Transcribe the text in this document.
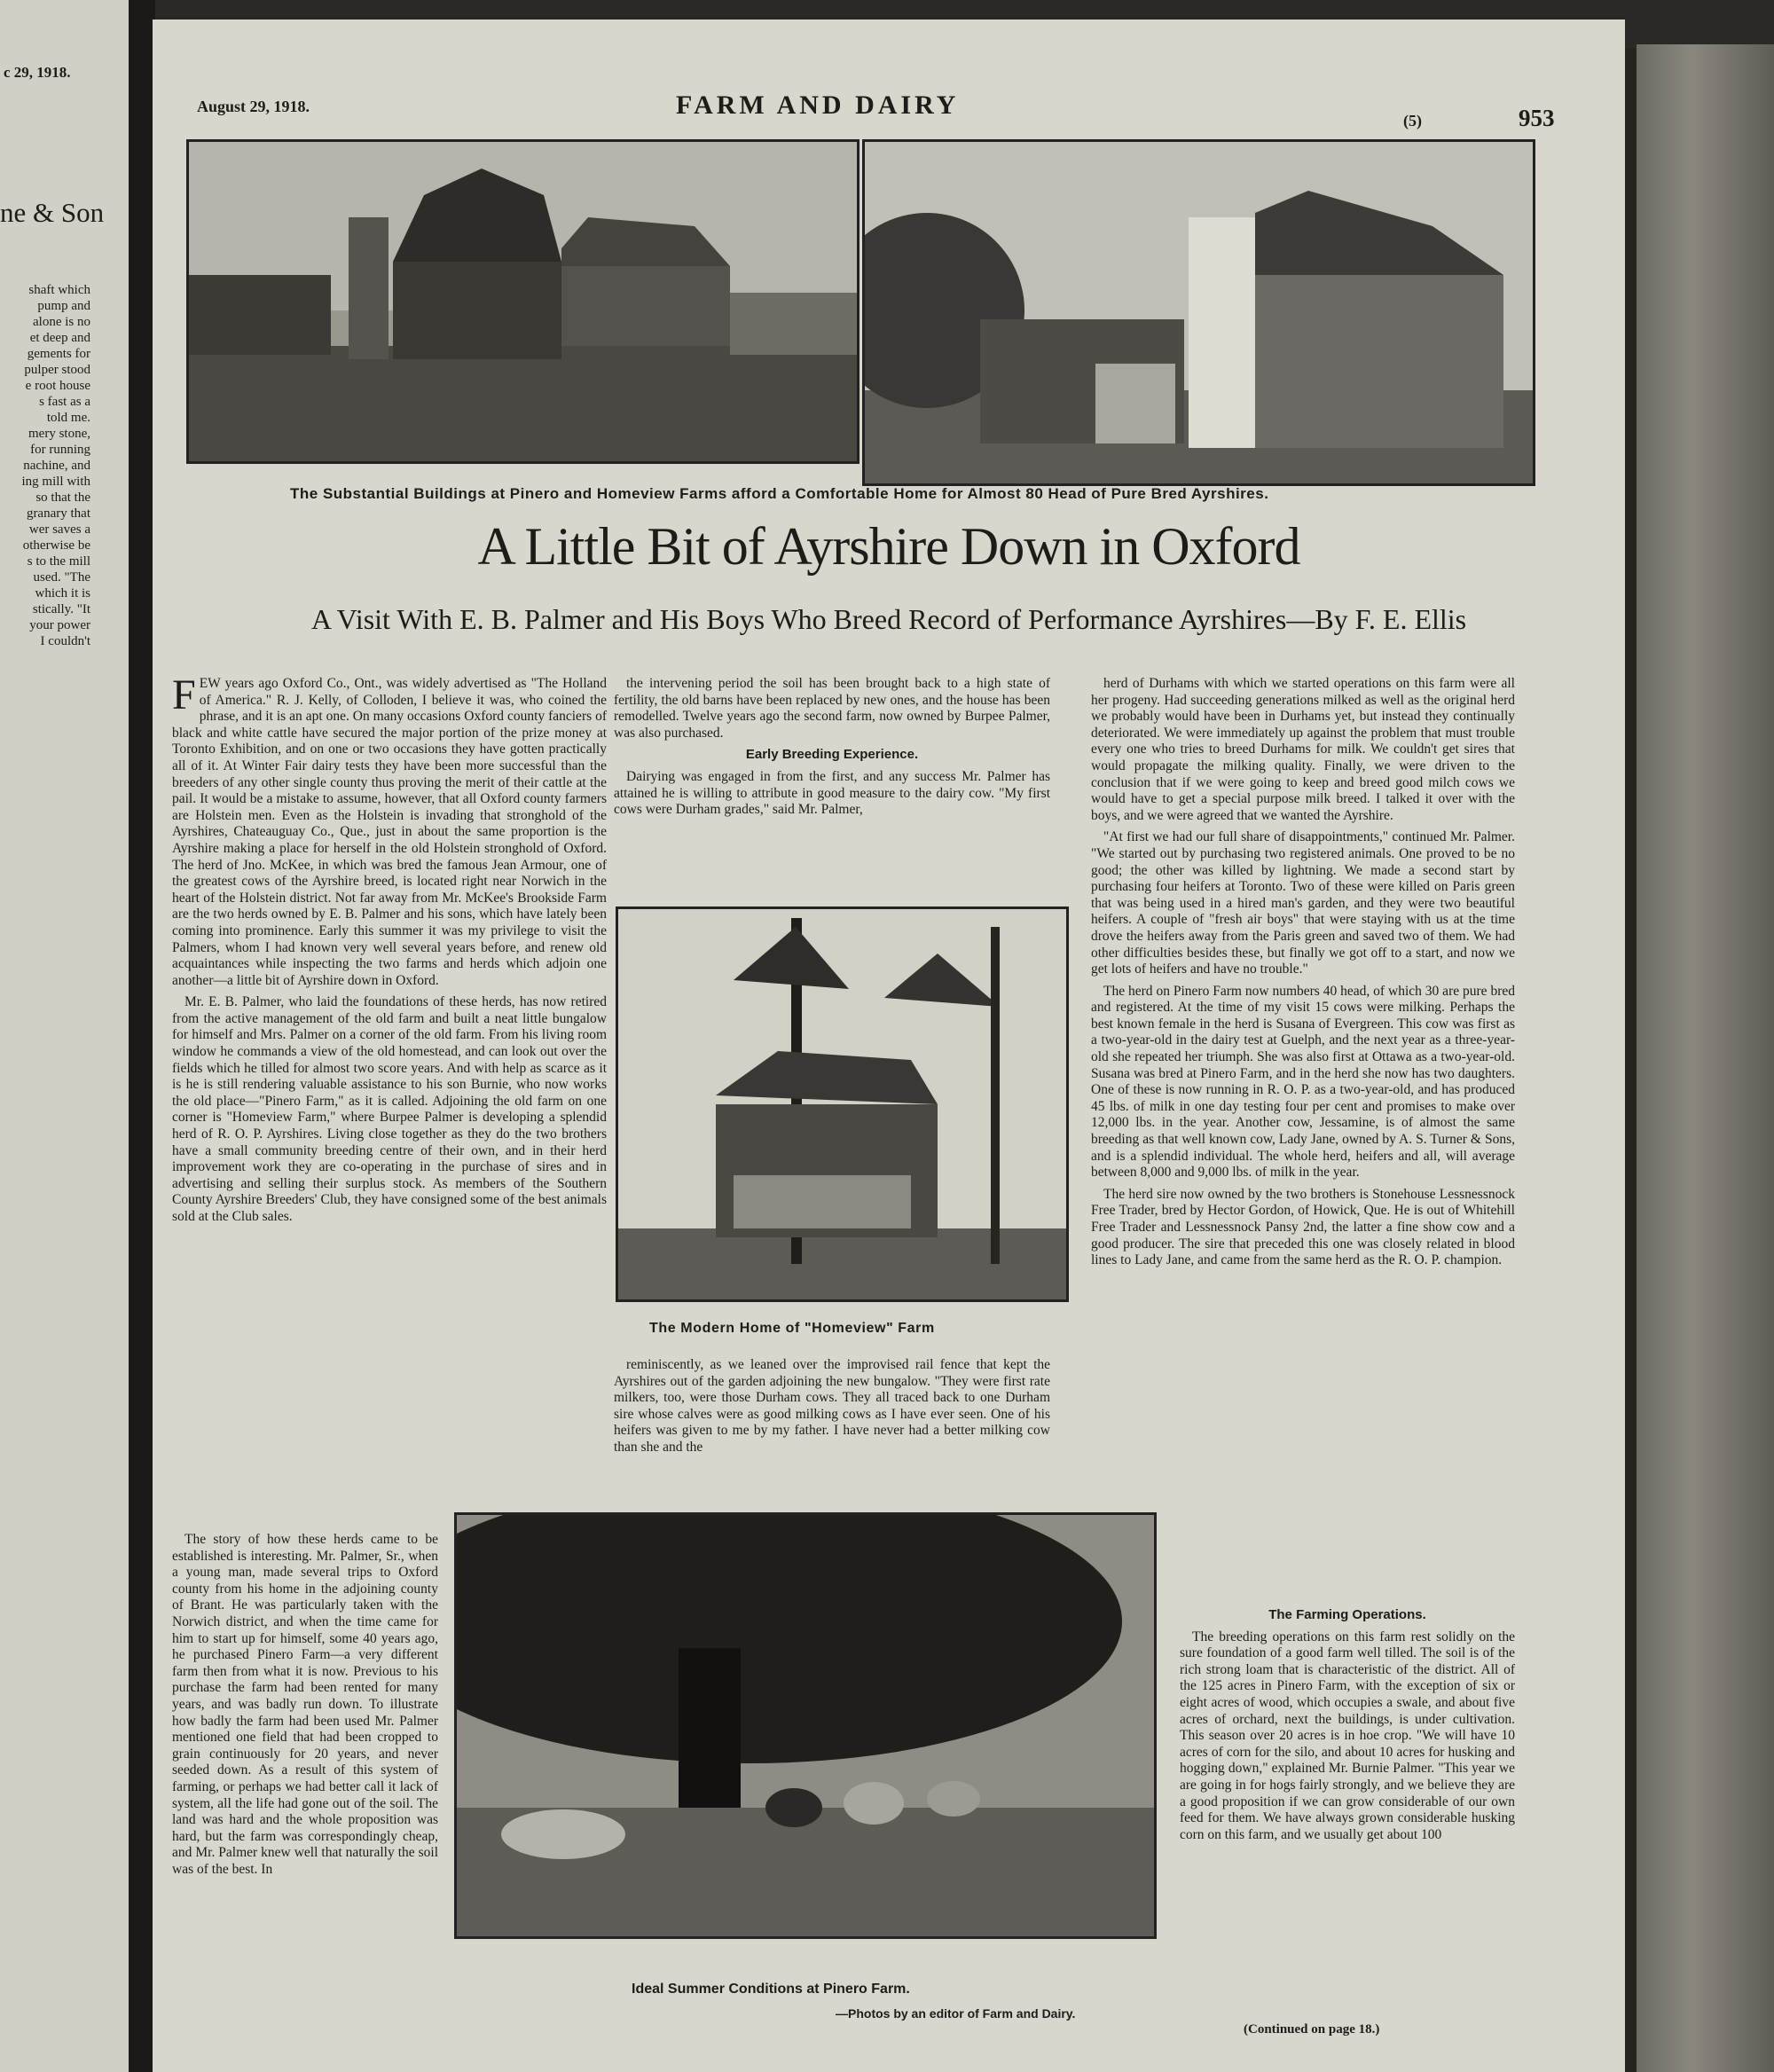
c 29, 1918.
ne & Son
shaft which
pump and
alone is no
et deep and
gements for
pulper stood
e root house
s fast as a
told me.
mery stone,
for running
nachine, and
ing mill with
so that the
granary that
wer saves a
otherwise be
s to the mill
used. "The
which it is
stically. "It
your power
I couldn't
August 29, 1918.	FARM AND DAIRY
(5)	953
The Substantial Buildings at Pinero and Homeview Farms afford a Comfortable Home for Almost 80 Head of Pure Bred Ayrshires.
A Little Bit of Ayrshire Down in Oxford
A Visit With E. B. Palmer and His Boys Who Breed Record of Performance Ayrshires—By F. E. Ellis

FEW years ago Oxford Co., Ont., was widely advertised as "The Holland of America." R. J. Kelly, of Colloden, I believe it was, who coined the phrase, and it is an apt one. On many occasions Oxford county fanciers of black and white cattle have secured the major portion of the prize money at Toronto Exhibition, and on one or two occasions they have gotten practically all of it. At Winter Fair dairy tests they have been more successful than the breeders of any other single county thus proving the merit of their cattle at the pail. It would be a mistake to assume, however, that all Oxford county farmers are Holstein men. Even as the Holstein is invading that stronghold of the Ayrshires, Chateauguay Co., Que., just in about the same proportion is the Ayrshire making a place for herself in the old Holstein stronghold of Oxford. The herd of Jno. McKee, in which was bred the famous Jean Armour, one of the greatest cows of the Ayrshire breed, is located right near Norwich in the heart of the Holstein district. Not far away from Mr. McKee's Brookside Farm are the two herds owned by E. B. Palmer and his sons, which have lately been coming into prominence. Early this summer it was my privilege to visit the Palmers, whom I had known very well several years before, and renew old acquaintances while inspecting the two farms and herds which adjoin one another—a little bit of Ayrshire down in Oxford.

Mr. E. B. Palmer, who laid the foundations of these herds, has now retired from the active management of the old farm and built a neat little bungalow for himself and Mrs. Palmer on a corner of the old farm. From his living room window he commands a view of the old homestead, and can look out over the fields which he tilled for almost two score years. And with help as scarce as it is he is still rendering valuable assistance to his son Burnie, who now works the old place—"Pinero Farm," as it is called. Adjoining the old farm on one corner is "Homeview Farm," where Burpee Palmer is developing a splendid herd of R. O. P. Ayrshires. Living close together as they do the two brothers have a small community breeding centre of their own, and in their herd improvement work they are co-operating in the purchase of sires and in advertising and selling their surplus stock. As members of the Southern County Ayrshire Breeders' Club, they have consigned some of the best animals sold at the Club sales.

The story of how these herds came to be established is interesting. Mr. Palmer, Sr., when a young man, made several trips to Oxford county from his home in the adjoining county of Brant. He was particularly taken with the Norwich district, and when the time came for him to start up for himself, some 40 years ago, he purchased Pinero Farm—a very different farm then from what it is now. Previous to his purchase the farm had been rented for many years, and was badly run down. To illustrate how badly the farm had been used Mr. Palmer mentioned one field that had been cropped to grain continuously for 20 years, and never seeded down. As a result of this system of farming, or perhaps we had better call it lack of system, all the life had gone out of the soil. The land was hard and the whole proposition was hard, but the farm was correspondingly cheap, and Mr. Palmer knew well that naturally the soil was of the best. In

the intervening period the soil has been brought back to a high state of fertility, the old barns have been replaced by new ones, and the house has been remodelled. Twelve years ago the second farm, now owned by Burpee Palmer, was also purchased.

Early Breeding Experience.

Dairying was engaged in from the first, and any success Mr. Palmer has attained he is willing to attribute in good measure to the dairy cow. "My first cows were Durham grades," said Mr. Palmer,

The Modern Home of "Homeview" Farm

reminiscently, as we leaned over the improvised rail fence that kept the Ayrshires out of the garden adjoining the new bungalow. "They were first rate milkers, too, were those Durham cows. They all traced back to one Durham sire whose calves were as good milking cows as I have ever seen. One of his heifers was given to me by my father. I have never had a better milking cow than she and the

herd of Durhams with which we started operations on this farm were all her progeny. Had succeeding generations milked as well as the original herd we probably would have been in Durhams yet, but instead they continually deteriorated. We were immediately up against the problem that must trouble every one who tries to breed Durhams for milk. We couldn't get sires that would propagate the milking quality. Finally, we were driven to the conclusion that if we were going to keep and breed good milch cows we would have to get a special purpose milk breed. I talked it over with the boys, and we were agreed that we wanted the Ayrshire.

"At first we had our full share of disappointments," continued Mr. Palmer. "We started out by purchasing two registered animals. One proved to be no good; the other was killed by lightning. We made a second start by purchasing four heifers at Toronto. Two of these were killed on Paris green that was being used in a hired man's garden, and they were two beautiful heifers. A couple of "fresh air boys" that were staying with us at the time drove the heifers away from the Paris green and saved two of them. We had other difficulties besides these, but finally we got off to a start, and now we get lots of heifers and have no trouble."

The herd on Pinero Farm now numbers 40 head, of which 30 are pure bred and registered. At the time of my visit 15 cows were milking. Perhaps the best known female in the herd is Susana of Evergreen. This cow was first as a two-year-old in the dairy test at Guelph, and the next year as a three-year-old she repeated her triumph. She was also first at Ottawa as a two-year-old. Susana was bred at Pinero Farm, and in the herd she now has two daughters. One of these is now running in R. O. P. as a two-year-old, and has produced 45 lbs. of milk in one day testing four per cent and promises to make over 12,000 lbs. in the year. Another cow, Jessamine, is of almost the same breeding as that well known cow, Lady Jane, owned by A. S. Turner & Sons, and is a splendid individual. The whole herd, heifers and all, will average between 8,000 and 9,000 lbs. of milk in the year.

The herd sire now owned by the two brothers is Stonehouse Lessnessnock Free Trader, bred by Hector Gordon, of Howick, Que. He is out of Whitehill Free Trader and Lessnessnock Pansy 2nd, the latter a fine show cow and a good producer. The sire that preceded this one was closely related in blood lines to Lady Jane, and came from the same herd as the R. O. P. champion.

The Farming Operations.

The breeding operations on this farm rest solidly on the sure foundation of a good farm well tilled. The soil is of the rich strong loam that is characteristic of the district. All of the 125 acres in Pinero Farm, with the exception of six or eight acres of wood, which occupies a swale, and about five acres of orchard, next the buildings, is under cultivation. This season over 20 acres is in hoe crop. "We will have 10 acres of corn for the silo, and about 10 acres for husking and hogging down," explained Mr. Burnie Palmer. "This year we are going in for hogs fairly strongly, and we believe they are a good proposition if we can grow considerable of our own feed for them. We have always grown considerable husking corn on this farm, and we usually get about 100

Ideal Summer Conditions at Pinero Farm.
—Photos by an editor of Farm and Dairy.
(Continued on page 18.)
